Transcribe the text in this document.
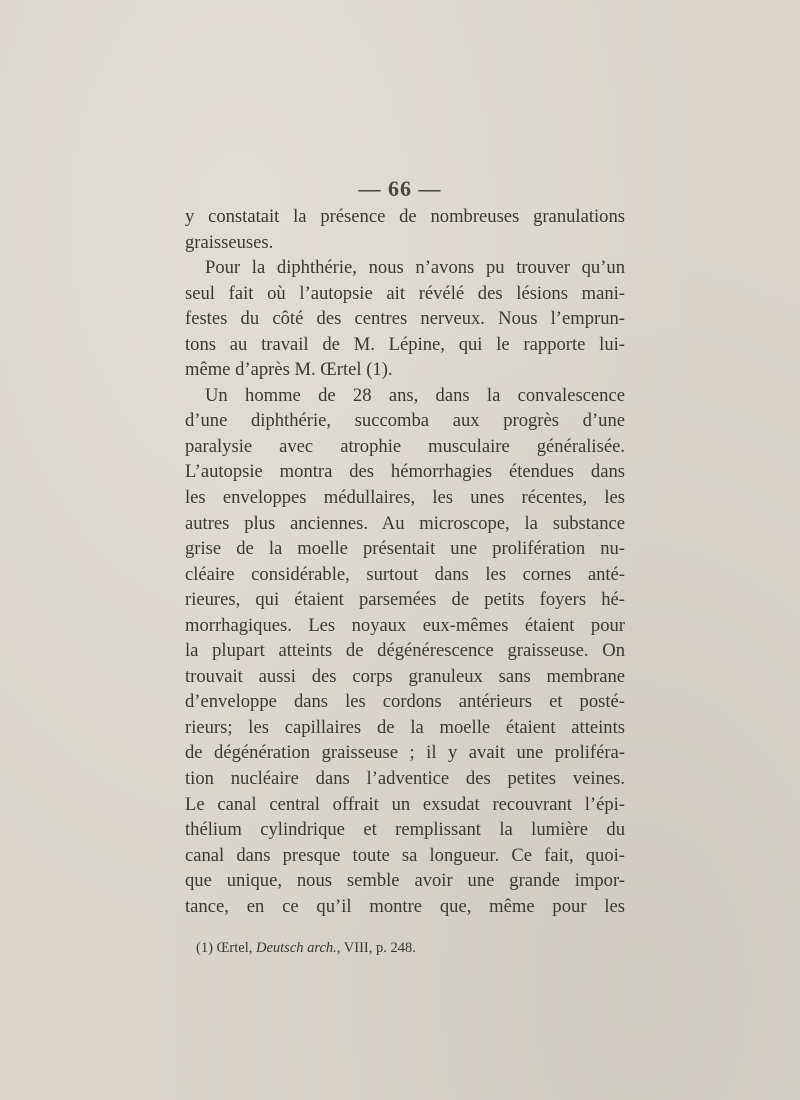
— 66 —
y constatait la présence de nombreuses granulations
graisseuses.
Pour la diphthérie, nous n’avons pu trouver qu’un
seul fait où l’autopsie ait révélé des lésions mani-
festes du côté des centres nerveux. Nous l’emprun-
tons au travail de M. Lépine, qui le rapporte lui-
même d’après M. Œrtel (1).
Un homme de 28 ans, dans la convalescence
d’une diphthérie, succomba aux progrès d’une
paralysie avec atrophie musculaire généralisée.
L’autopsie montra des hémorrhagies étendues dans
les enveloppes médullaires, les unes récentes, les
autres plus anciennes. Au microscope, la substance
grise de la moelle présentait une prolifération nu-
cléaire considérable, surtout dans les cornes anté-
rieures, qui étaient parsemées de petits foyers hé-
morrhagiques. Les noyaux eux-mêmes étaient pour
la plupart atteints de dégénérescence graisseuse. On
trouvait aussi des corps granuleux sans membrane
d’enveloppe dans les cordons antérieurs et posté-
rieurs; les capillaires de la moelle étaient atteints
de dégénération graisseuse ; il y avait une proliféra-
tion nucléaire dans l’adventice des petites veines.
Le canal central offrait un exsudat recouvrant l’épi-
thélium cylindrique et remplissant la lumière du
canal dans presque toute sa longueur. Ce fait, quoi-
que unique, nous semble avoir une grande impor-
tance, en ce qu’il montre que, même pour les
(1) Œrtel, Deutsch arch., VIII, p. 248.
